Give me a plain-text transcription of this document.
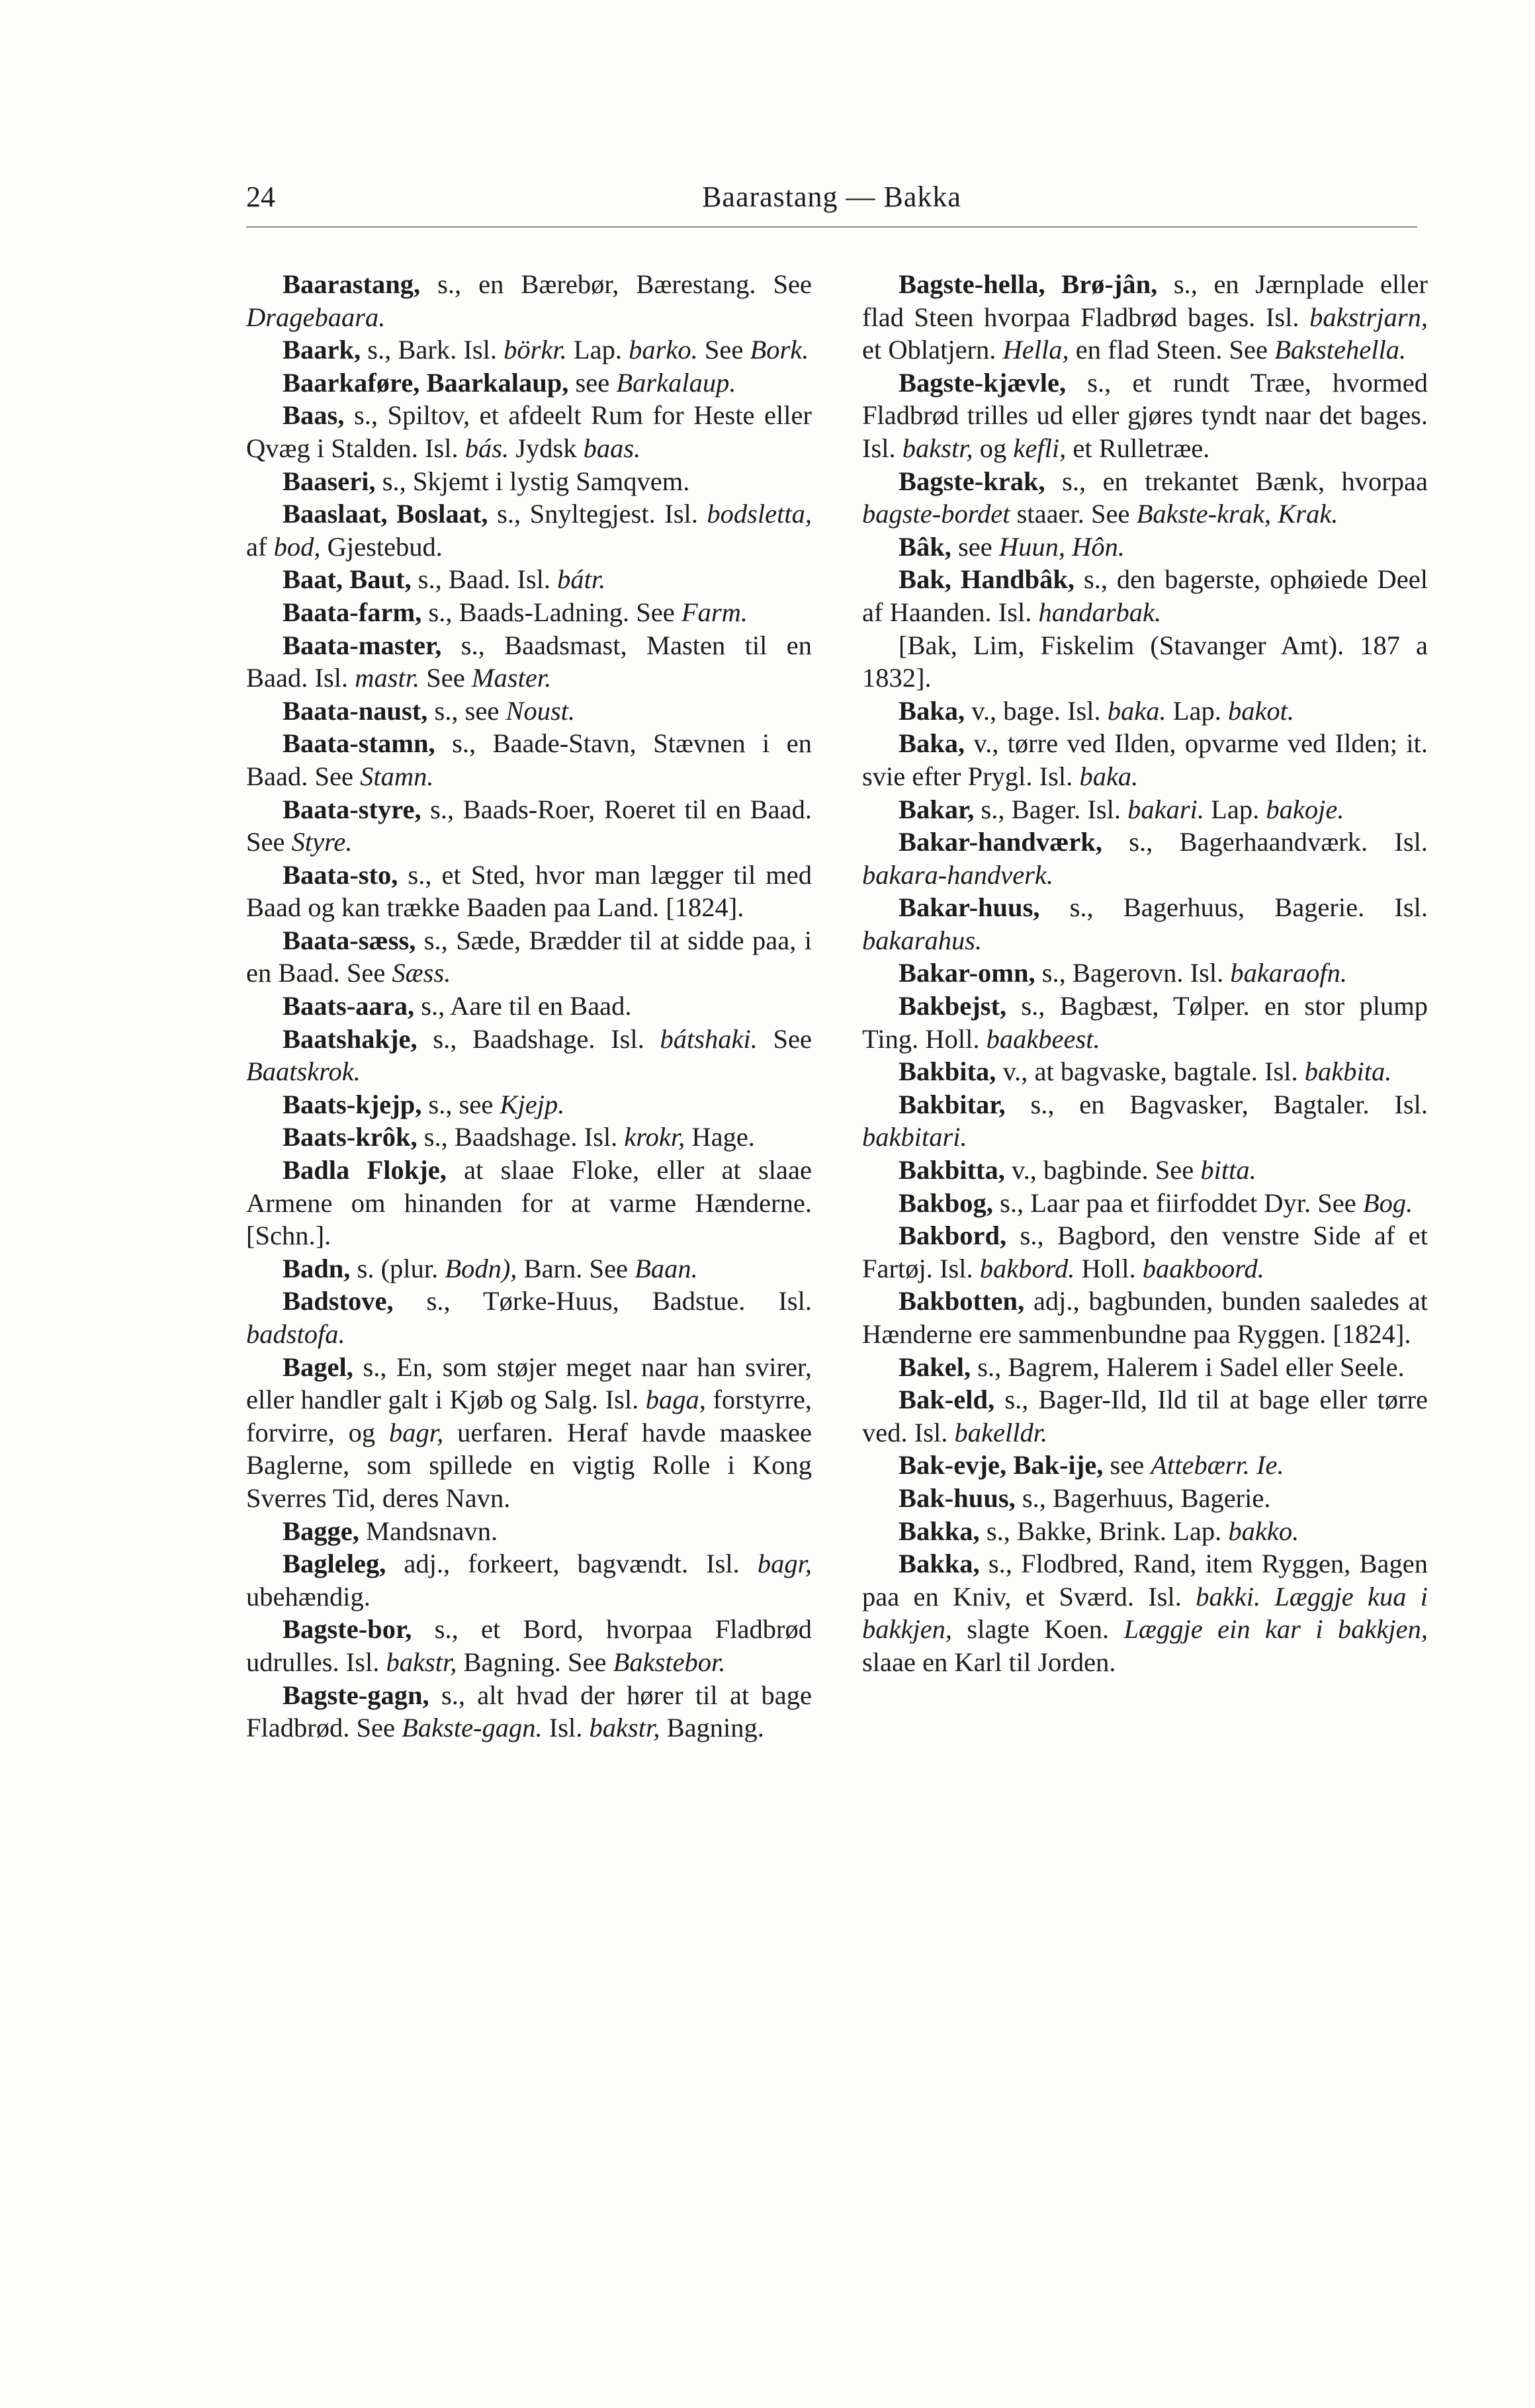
24	Baarastang — Bakka

Baarastang, s., en Bærebør, Bærestang. See Dragebaara.

Baark, s., Bark. Isl. börkr. Lap. barko. See Bork.

Baarkaføre, Baarkalaup, see Barkalaup.

Baas, s., Spiltov, et afdeelt Rum for Heste eller Qvæg i Stalden. Isl. bás. Jydsk baas.

Baaseri, s., Skjemt i lystig Samqvem.

Baaslaat, Boslaat, s., Snyltegjest. Isl. bodsletta, af bod, Gjestebud.

Baat, Baut, s., Baad. Isl. bátr.

Baata-farm, s., Baads-Ladning. See Farm.

Baata-master, s., Baadsmast, Masten til en Baad. Isl. mastr. See Master.

Baata-naust, s., see Noust.

Baata-stamn, s., Baade-Stavn, Stævnen i en Baad. See Stamn.

Baata-styre, s., Baads-Roer, Roeret til en Baad. See Styre.

Baata-sto, s., et Sted, hvor man lægger til med Baad og kan trække Baaden paa Land. [1824].

Baata-sæss, s., Sæde, Brædder til at sidde paa, i en Baad. See Sæss.

Baats-aara, s., Aare til en Baad.

Baatshakje, s., Baadshage. Isl. bátshaki. See Baatskrok.

Baats-kjejp, s., see Kjejp.

Baats-krôk, s., Baadshage. Isl. krokr, Hage.

Badla Flokje, at slaae Floke, eller at slaae Armene om hinanden for at varme Hænderne. [Schn.].

Badn, s. (plur. Bodn), Barn. See Baan.

Badstove, s., Tørke-Huus, Badstue. Isl. badstofa.

Bagel, s., En, som støjer meget naar han svirer, eller handler galt i Kjøb og Salg. Isl. baga, forstyrre, forvirre, og bagr, uerfaren. Heraf havde maaskee Baglerne, som spillede en vigtig Rolle i Kong Sverres Tid, deres Navn.

Bagge, Mandsnavn.

Bagleleg, adj., forkeert, bagvændt. Isl. bagr, ubehændig.

Bagste-bor, s., et Bord, hvorpaa Fladbrød udrulles. Isl. bakstr, Bagning. See Bakstebor.

Bagste-gagn, s., alt hvad der hører til at bage Fladbrød. See Bakste-gagn. Isl. bakstr, Bagning.

Bagste-hella, Brø-jân, s., en Jærnplade eller flad Steen hvorpaa Fladbrød bages. Isl. bakstrjarn, et Oblatjern. Hella, en flad Steen. See Bakstehella.

Bagste-kjævle, s., et rundt Træe, hvormed Fladbrød trilles ud eller gjøres tyndt naar det bages. Isl. bakstr, og kefli, et Rulletræe.

Bagste-krak, s., en trekantet Bænk, hvorpaa bagste-bordet staaer. See Bakste-krak, Krak.

Bâk, see Huun, Hôn.

Bak, Handbâk, s., den bagerste, ophøiede Deel af Haanden. Isl. handarbak.

[Bak, Lim, Fiskelim (Stavanger Amt). 187 a 1832].

Baka, v., bage. Isl. baka. Lap. bakot.

Baka, v., tørre ved Ilden, opvarme ved Ilden; it. svie efter Prygl. Isl. baka.

Bakar, s., Bager. Isl. bakari. Lap. bakoje.

Bakar-handværk, s., Bagerhaandværk. Isl. bakara-handverk.

Bakar-huus, s., Bagerhuus, Bagerie. Isl. bakarahus.

Bakar-omn, s., Bagerovn. Isl. bakaraofn.

Bakbejst, s., Bagbæst, Tølper. en stor plump Ting. Holl. baakbeest.

Bakbita, v., at bagvaske, bagtale. Isl. bakbita.

Bakbitar, s., en Bagvasker, Bagtaler. Isl. bakbitari.

Bakbitta, v., bagbinde. See bitta.

Bakbog, s., Laar paa et fiirfoddet Dyr. See Bog.

Bakbord, s., Bagbord, den venstre Side af et Fartøj. Isl. bakbord. Holl. baakboord.

Bakbotten, adj., bagbunden, bunden saaledes at Hænderne ere sammenbundne paa Ryggen. [1824].

Bakel, s., Bagrem, Halerem i Sadel eller Seele.

Bak-eld, s., Bager-Ild, Ild til at bage eller tørre ved. Isl. bakelldr.

Bak-evje, Bak-ije, see Attebærr. Ie.

Bak-huus, s., Bagerhuus, Bagerie.

Bakka, s., Bakke, Brink. Lap. bakko.

Bakka, s., Flodbred, Rand, item Ryggen, Bagen paa en Kniv, et Sværd. Isl. bakki. Læggje kua i bakkjen, slagte Koen. Læggje ein kar i bakkjen, slaae en Karl til Jorden.
